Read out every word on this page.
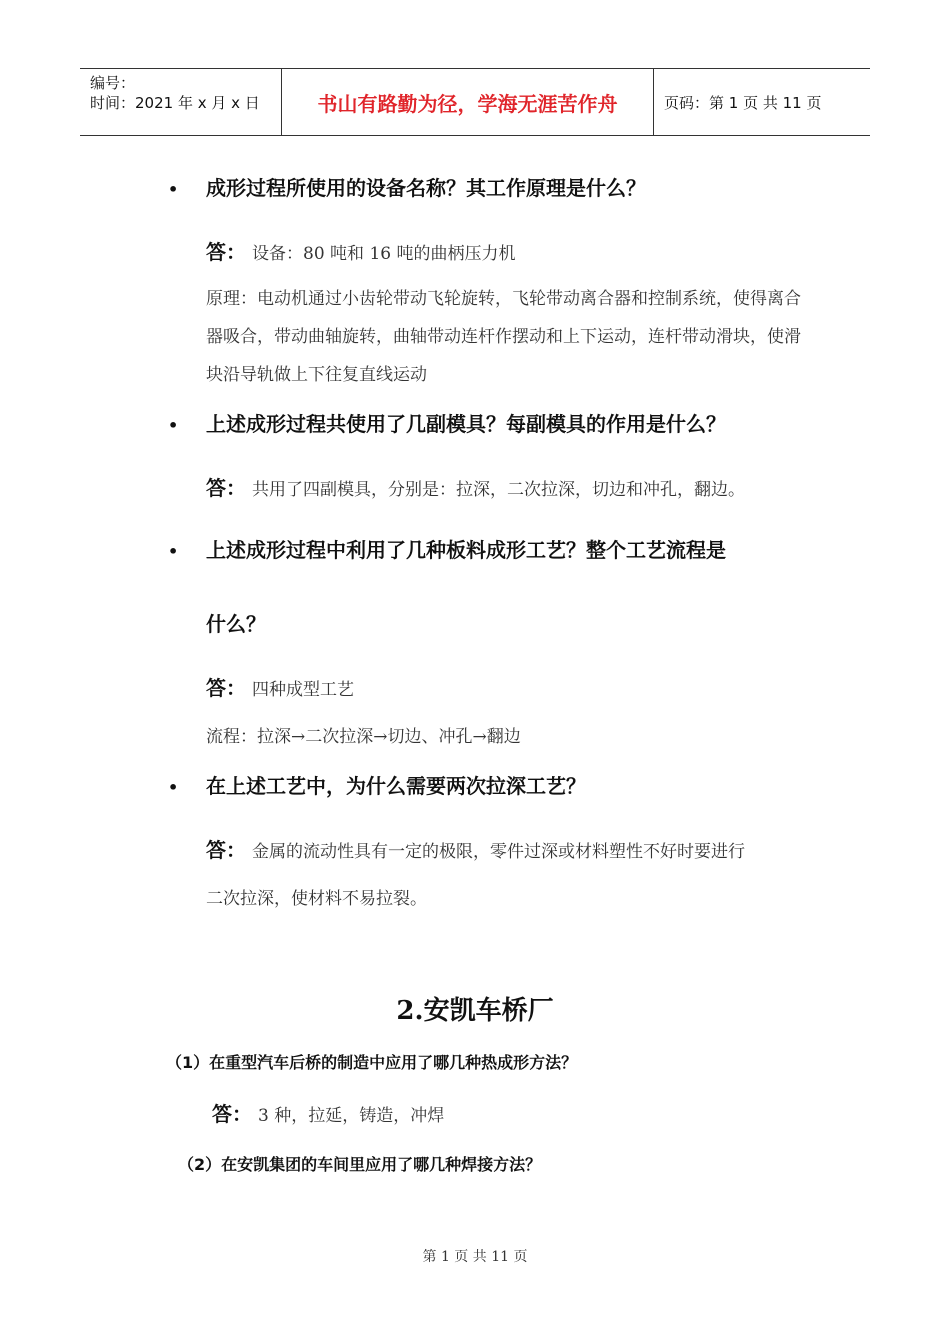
编号：
时间：2021 年 x 月 x 日	书山有路勤为径，学海无涯苦作舟	页码：第 1 页 共 11 页
• 成形过程所使用的设备名称？其工作原理是什么？
答： 设备：80 吨和 16 吨的曲柄压力机
原理：电动机通过小齿轮带动飞轮旋转，飞轮带动离合器和控制系统，使得离合器吸合，带动曲轴旋转，曲轴带动连杆作摆动和上下运动，连杆带动滑块，使滑块沿导轨做上下往复直线运动
• 上述成形过程共使用了几副模具？每副模具的作用是什么？
答： 共用了四副模具，分别是：拉深，二次拉深，切边和冲孔，翻边。
• 上述成形过程中利用了几种板料成形工艺？整个工艺流程是
什么？
答： 四种成型工艺
流程：拉深→二次拉深→切边、冲孔→翻边
• 在上述工艺中，为什么需要两次拉深工艺？
答： 金属的流动性具有一定的极限，零件过深或材料塑性不好时要进行
二次拉深，使材料不易拉裂。
2.安凯车桥厂
（1）在重型汽车后桥的制造中应用了哪几种热成形方法？
答： 3 种，拉延，铸造，冲焊
（2）在安凯集团的车间里应用了哪几种焊接方法？
第 1 页 共 11 页
